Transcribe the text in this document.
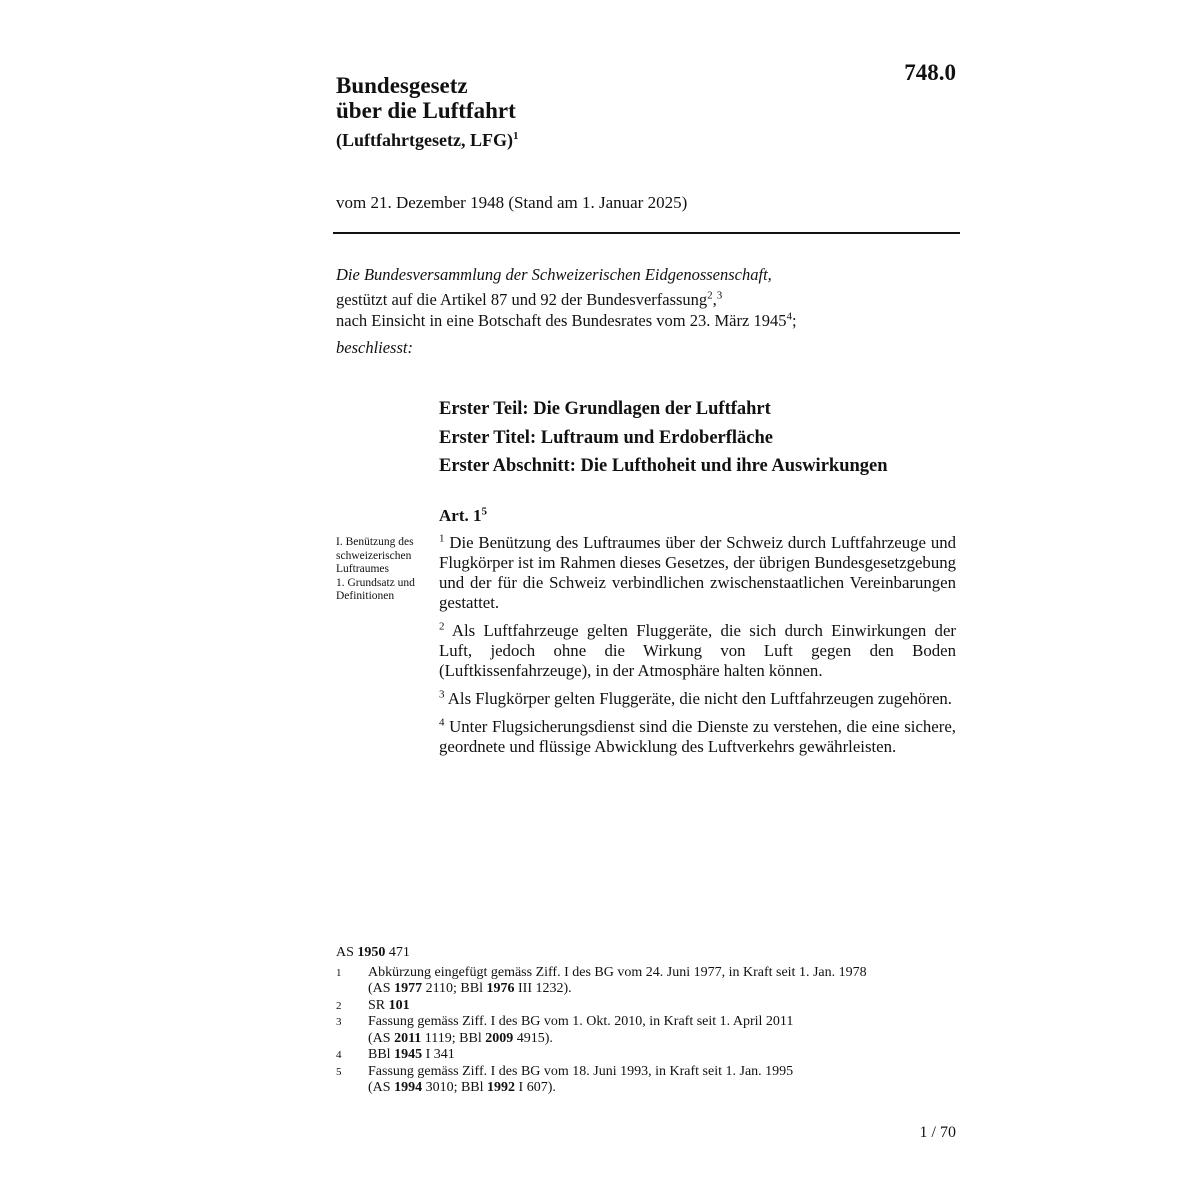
748.0
Bundesgesetz
über die Luftfahrt
(Luftfahrtgesetz, LFG)$^1$
vom 21. Dezember 1948 (Stand am 1. Januar 2025)
Die Bundesversammlung der Schweizerischen Eidgenossenschaft,
gestützt auf die Artikel 87 und 92 der Bundesverfassung$^2$,$^3$
nach Einsicht in eine Botschaft des Bundesrates vom 23. März 1945$^4$;
beschliesst:
Erster Teil: Die Grundlagen der Luftfahrt
Erster Titel: Luftraum und Erdoberfläche
Erster Abschnitt: Die Lufthoheit und ihre Auswirkungen
Art. $1^5$
I. Benützung des schweizerischen Luftraumes
1. Grundsatz und Definitionen

$^1$ Die Benützung des Luftraumes über der Schweiz durch Luftfahrzeuge und Flugkörper ist im Rahmen dieses Gesetzes, der übrigen Bundesgesetzgebung und der für die Schweiz verbindlichen zwischenstaatlichen Vereinbarungen gestattet.

$^2$ Als Luftfahrzeuge gelten Fluggeräte, die sich durch Einwirkungen der Luft, jedoch ohne die Wirkung von Luft gegen den Boden (Luftkissenfahrzeuge), in der Atmosphäre halten können.

$^3$ Als Flugkörper gelten Fluggeräte, die nicht den Luftfahrzeugen zugehören.

$^4$ Unter Flugsicherungsdienst sind die Dienste zu verstehen, die eine sichere, geordnete und flüssige Abwicklung des Luftverkehrs gewährleisten.

AS 1950 471
1	Abkürzung eingefügt gemäss Ziff. I des BG vom 24. Juni 1977, in Kraft seit 1. Jan. 1978
(AS 1977 2110; BBl 1976 III 1232).
2	SR 101
3	Fassung gemäss Ziff. I des BG vom 1. Okt. 2010, in Kraft seit 1. April 2011
(AS 2011 1119; BBl 2009 4915).
4	BBl 1945 I 341
5	Fassung gemäss Ziff. I des BG vom 18. Juni 1993, in Kraft seit 1. Jan. 1995
(AS 1994 3010; BBl 1992 I 607).
1 / 70
